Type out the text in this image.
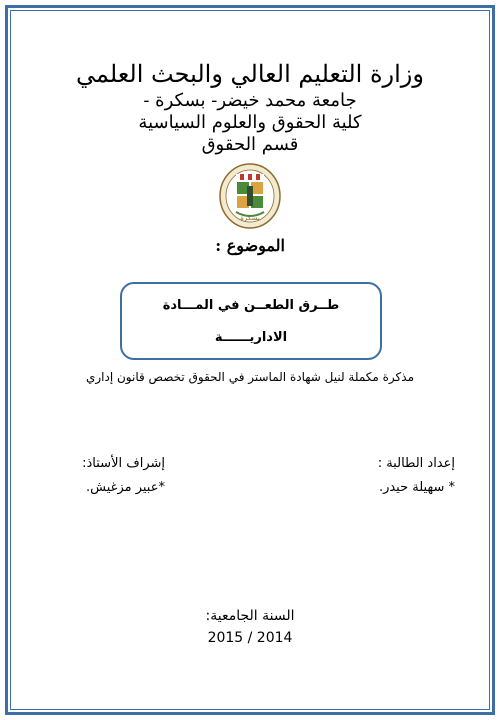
وزارة التعليم العالي والبحث العلمي
جامعة محمد خيضر- بسكرة -
كلية الحقوق والعلوم السياسية
قسم الحقوق
بسكرة
الموضوع :
طــرق الطعــن في المـــادة
الاداريــــــة
مذكرة مكملة لنيل شهادة الماستر في الحقوق تخصص قانون إداري
إعداد الطالبة :
* سهيلة حيدر.
إشراف الأستاذ:
*عبير مزغيش.
السنة الجامعية:
2015 / 2014
